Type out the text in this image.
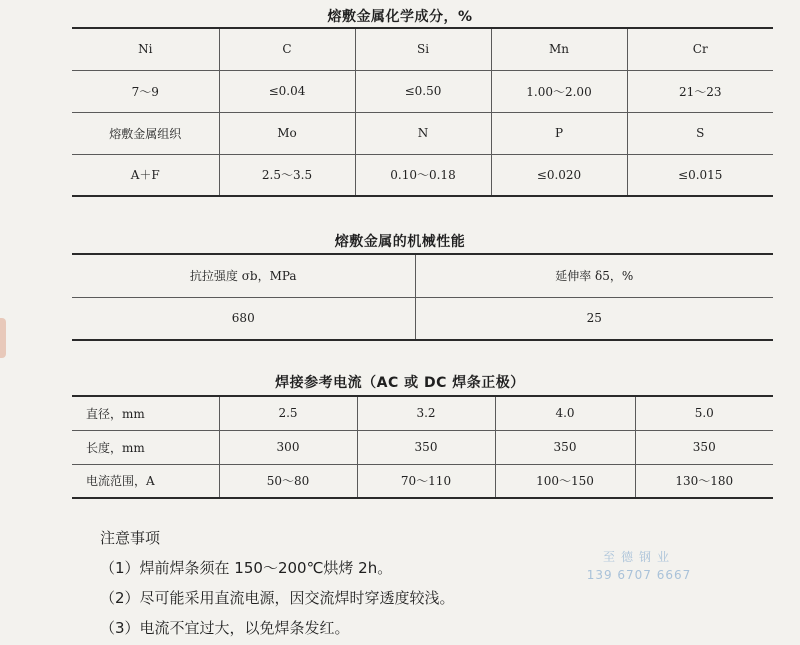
熔敷金属化学成分，%
Ni	C	Si	Mn	Cr
7～9	≤0.04	≤0.50	1.00～2.00	21～23
熔敷金属组织	Mo	N	P	S
A＋F	2.5～3.5	0.10～0.18	≤0.020	≤0.015
熔敷金属的机械性能
抗拉强度 σb，MPa	延伸率 δ5，%
680	25
焊接参考电流（AC 或 DC 焊条正极）
直径，mm	2.5	3.2	4.0	5.0
长度，mm	300	350	350	350
电流范围，A	50～80	70～110	100～150	130～180
注意事项
（1）焊前焊条须在 150～200℃烘烤 2h。
（2）尽可能采用直流电源，因交流焊时穿透度较浅。
（3）电流不宜过大，以免焊条发红。
至德钢业
139 6707 6667
